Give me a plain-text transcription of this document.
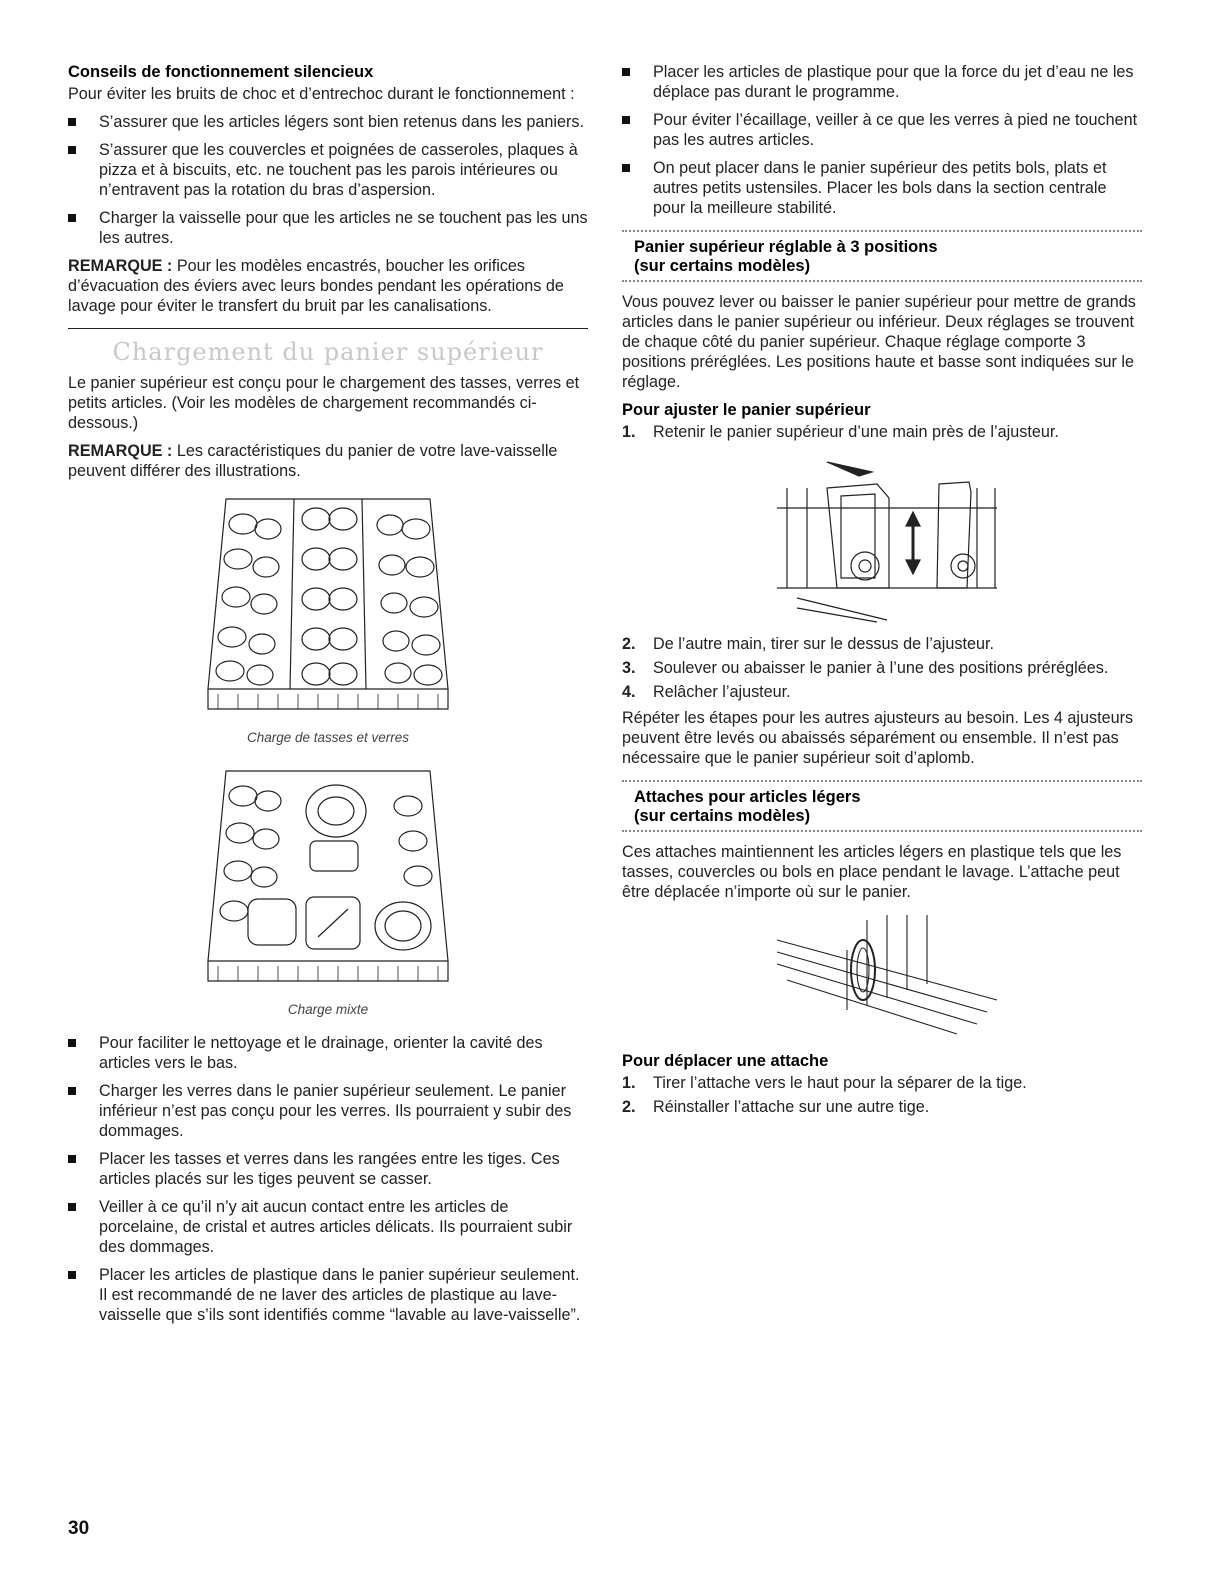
Conseils de fonctionnement silencieux

Pour éviter les bruits de choc et d’entrechoc durant le fonctionnement :

S’assurer que les articles légers sont bien retenus dans les paniers.
S’assurer que les couvercles et poignées de casseroles, plaques à pizza et à biscuits, etc. ne touchent pas les parois intérieures ou n’entravent pas la rotation du bras d’aspersion.
Charger la vaisselle pour que les articles ne se touchent pas les uns les autres.

REMARQUE : Pour les modèles encastrés, boucher les orifices d’évacuation des éviers avec leurs bondes pendant les opérations de lavage pour éviter le transfert du bruit par les canalisations.

Chargement du panier supérieur

Le panier supérieur est conçu pour le chargement des tasses, verres et petits articles. (Voir les modèles de chargement recommandés ci-dessous.)

REMARQUE : Les caractéristiques du panier de votre lave-vaisselle peuvent différer des illustrations.

Charge de tasses et verres
Charge mixte
Pour faciliter le nettoyage et le drainage, orienter la cavité des articles vers le bas.
Charger les verres dans le panier supérieur seulement. Le panier inférieur n’est pas conçu pour les verres. Ils pourraient y subir des dommages.
Placer les tasses et verres dans les rangées entre les tiges. Ces articles placés sur les tiges peuvent se casser.
Veiller à ce qu’il n’y ait aucun contact entre les articles de porcelaine, de cristal et autres articles délicats. Ils pourraient subir des dommages.
Placer les articles de plastique dans le panier supérieur seulement. Il est recommandé de ne laver des articles de plastique au lave-vaisselle que s’ils sont identifiés comme “lavable au lave-vaisselle”.
Placer les articles de plastique pour que la force du jet d’eau ne les déplace pas durant le programme.
Pour éviter l’écaillage, veiller à ce que les verres à pied ne touchent pas les autres articles.
On peut placer dans le panier supérieur des petits bols, plats et autres petits ustensiles. Placer les bols dans la section centrale pour la meilleure stabilité.
Panier supérieur réglable à 3 positions
(sur certains modèles)

Vous pouvez lever ou baisser le panier supérieur pour mettre de grands articles dans le panier supérieur ou inférieur. Deux réglages se trouvent de chaque côté du panier supérieur. Chaque réglage comporte 3 positions préréglées. Les positions haute et basse sont indiquées sur le réglage.

Pour ajuster le panier supérieur
1. Retenir le panier supérieur d’une main près de l’ajusteur.
2. De l’autre main, tirer sur le dessus de l’ajusteur.
3. Soulever ou abaisser le panier à l’une des positions préréglées.
4. Relâcher l’ajusteur.

Répéter les étapes pour les autres ajusteurs au besoin. Les 4 ajusteurs peuvent être levés ou abaissés séparément ou ensemble. Il n’est pas nécessaire que le panier supérieur soit d’aplomb.

Attaches pour articles légers
(sur certains modèles)

Ces attaches maintiennent les articles légers en plastique tels que les tasses, couvercles ou bols en place pendant le lavage. L’attache peut être déplacée n’importe où sur le panier.

Pour déplacer une attache
1. Tirer l’attache vers le haut pour la séparer de la tige.
2. Réinstaller l’attache sur une autre tige.
30
